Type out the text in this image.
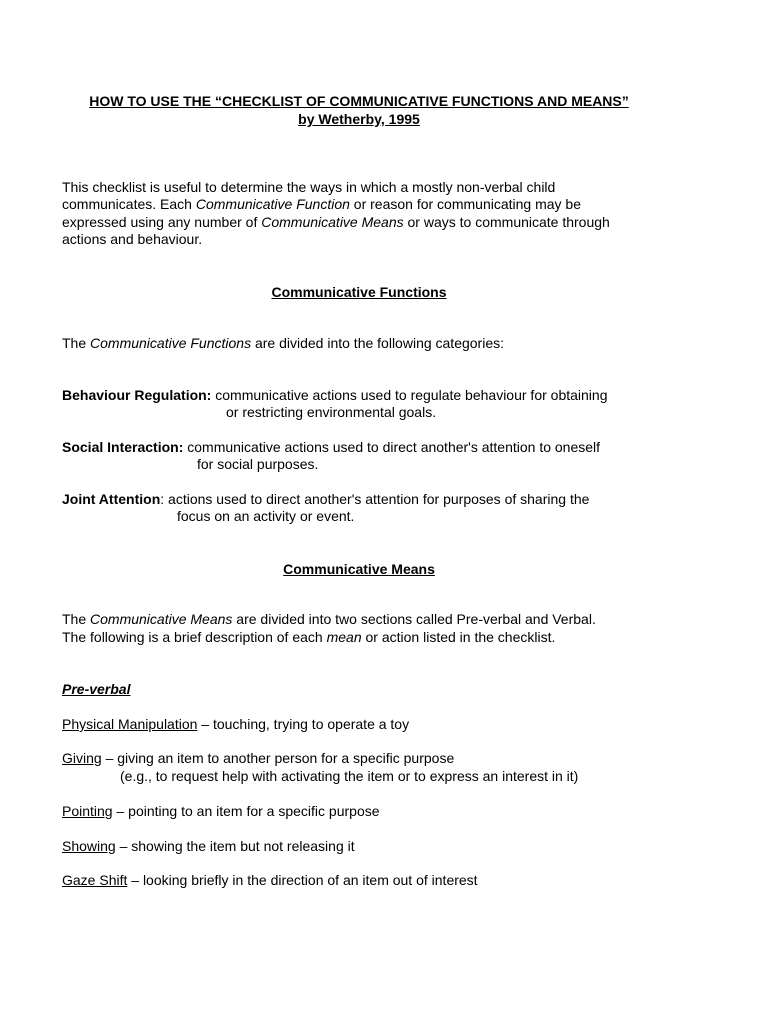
HOW TO USE THE “CHECKLIST OF COMMUNICATIVE FUNCTIONS AND MEANS”
by Wetherby, 1995
This checklist is useful to determine the ways in which a mostly non-verbal child
communicates. Each Communicative Function or reason for communicating may be
expressed using any number of Communicative Means or ways to communicate through
actions and behaviour.
Communicative Functions
The Communicative Functions are divided into the following categories:
Behaviour Regulation: communicative actions used to regulate behaviour for obtaining
or restricting environmental goals.
Social Interaction: communicative actions used to direct another's attention to oneself
for social purposes.
Joint Attention: actions used to direct another's attention for purposes of sharing the
focus on an activity or event.
Communicative Means
The Communicative Means are divided into two sections called Pre-verbal and Verbal.
The following is a brief description of each mean or action listed in the checklist.
Pre-verbal
Physical Manipulation – touching, trying to operate a toy
Giving – giving an item to another person for a specific purpose
(e.g., to request help with activating the item or to express an interest in it)
Pointing – pointing to an item for a specific purpose
Showing – showing the item but not releasing it
Gaze Shift – looking briefly in the direction of an item out of interest
